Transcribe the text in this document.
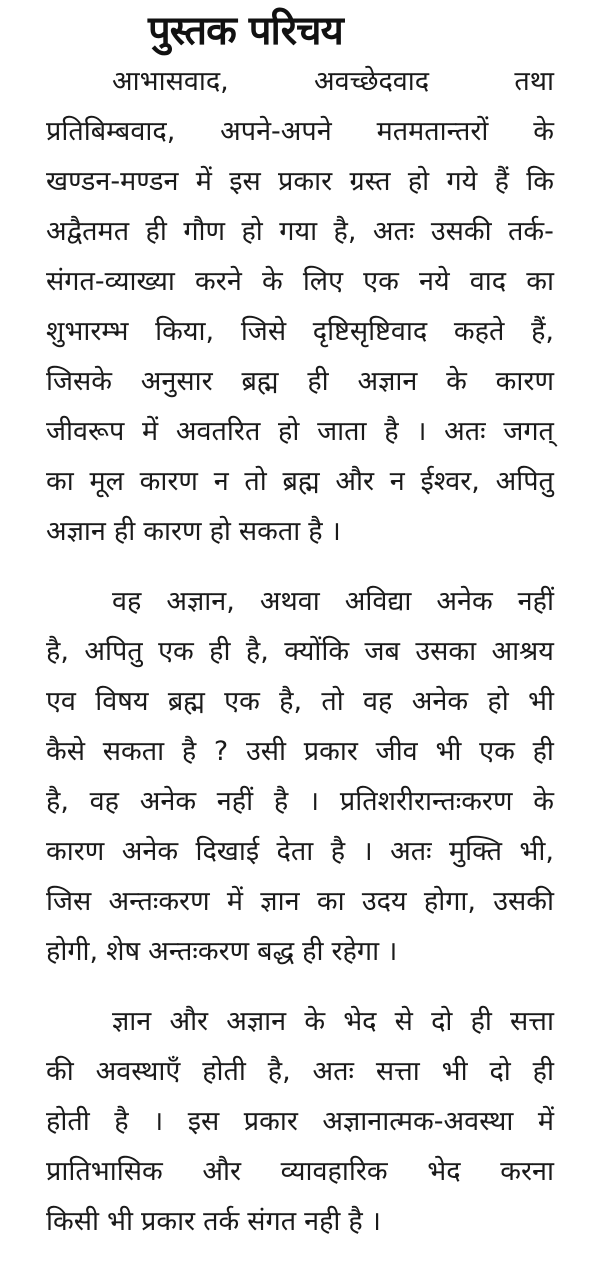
पुस्तक परिचय
आभासवाद,	अवच्छेदवाद	तथा
प्रतिबिम्बवाद, अपने-अपने मतमतान्तरों के
खण्डन-मण्डन में इस प्रकार ग्रस्त हो गये हैं कि
अद्वैतमत ही गौण हो गया है, अतः उसकी तर्क-
संगत-व्याख्या करने के लिए एक नये वाद का
शुभारम्भ किया, जिसे दृष्टिसृष्टिवाद कहते हैं,
जिसके अनुसार ब्रह्म ही अज्ञान के कारण
जीवरूप में अवतरित हो जाता है । अतः जगत्
का मूल कारण न तो ब्रह्म और न ईश्वर, अपितु
अज्ञान ही कारण हो सकता है ।
वह अज्ञान, अथवा अविद्या अनेक नहीं
है, अपितु एक ही है, क्योंकि जब उसका आश्रय
एव विषय ब्रह्म एक है, तो वह अनेक हो भी
कैसे सकता है ? उसी प्रकार जीव भी एक ही
है, वह अनेक नहीं है । प्रतिशरीरान्तःकरण के
कारण अनेक दिखाई देता है । अतः मुक्ति भी,
जिस अन्तःकरण में ज्ञान का उदय होगा, उसकी
होगी, शेष अन्तःकरण बद्ध ही रहेगा ।
ज्ञान और अज्ञान के भेद से दो ही सत्ता
की अवस्थाएँ होती है, अतः सत्ता भी दो ही
होती है । इस प्रकार अज्ञानात्मक-अवस्था में
प्रातिभासिक और व्यावहारिक भेद करना
किसी भी प्रकार तर्क संगत नही है ।
